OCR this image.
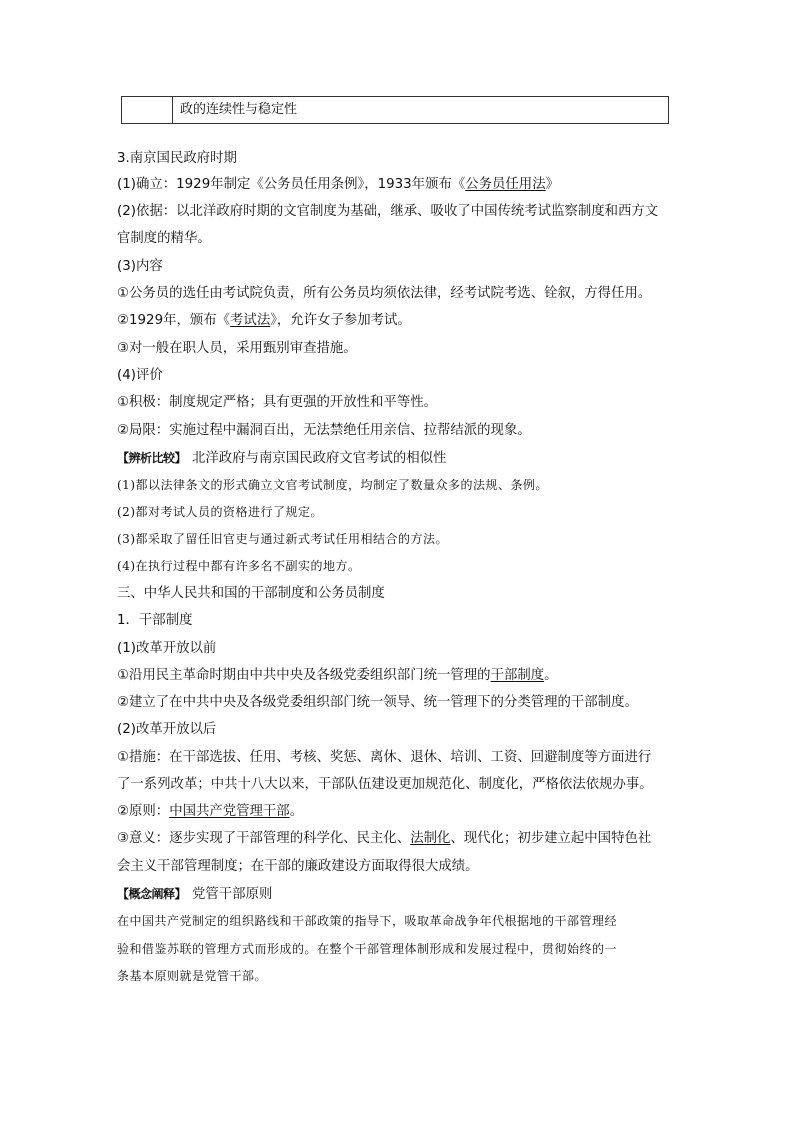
政的连续性与稳定性
3.南京国民政府时期
(1)确立：1929年制定《公务员任用条例》，1933年颁布《公务员任用法》
(2)依据：以北洋政府时期的文官制度为基础，继承、吸收了中国传统考试监察制度和西方文
官制度的精华。
(3)内容
①公务员的选任由考试院负责，所有公务员均须依法律，经考试院考选、铨叙，方得任用。
②1929年，颁布《考试法》，允许女子参加考试。
③对一般在职人员，采用甄别审查措施。
(4)评价
①积极：制度规定严格；具有更强的开放性和平等性。
②局限：实施过程中漏洞百出，无法禁绝任用亲信、拉帮结派的现象。
【辨析比较】 北洋政府与南京国民政府文官考试的相似性
(1)都以法律条文的形式确立文官考试制度，均制定了数量众多的法规、条例。
(2)都对考试人员的资格进行了规定。
(3)都采取了留任旧官吏与通过新式考试任用相结合的方法。
(4)在执行过程中都有许多名不副实的地方。
三、中华人民共和国的干部制度和公务员制度
1．干部制度
(1)改革开放以前
①沿用民主革命时期由中共中央及各级党委组织部门统一管理的干部制度。
②建立了在中共中央及各级党委组织部门统一领导、统一管理下的分类管理的干部制度。
(2)改革开放以后
①措施：在干部选拔、任用、考核、奖惩、离休、退休、培训、工资、回避制度等方面进行
了一系列改革；中共十八大以来，干部队伍建设更加规范化、制度化，严格依法依规办事。
②原则：中国共产党管理干部。
③意义：逐步实现了干部管理的科学化、民主化、法制化、现代化；初步建立起中国特色社
会主义干部管理制度；在干部的廉政建设方面取得很大成绩。
【概念阐释】 党管干部原则
在中国共产党制定的组织路线和干部政策的指导下，吸取革命战争年代根据地的干部管理经
验和借鉴苏联的管理方式而形成的。在整个干部管理体制形成和发展过程中，贯彻始终的一
条基本原则就是党管干部。
